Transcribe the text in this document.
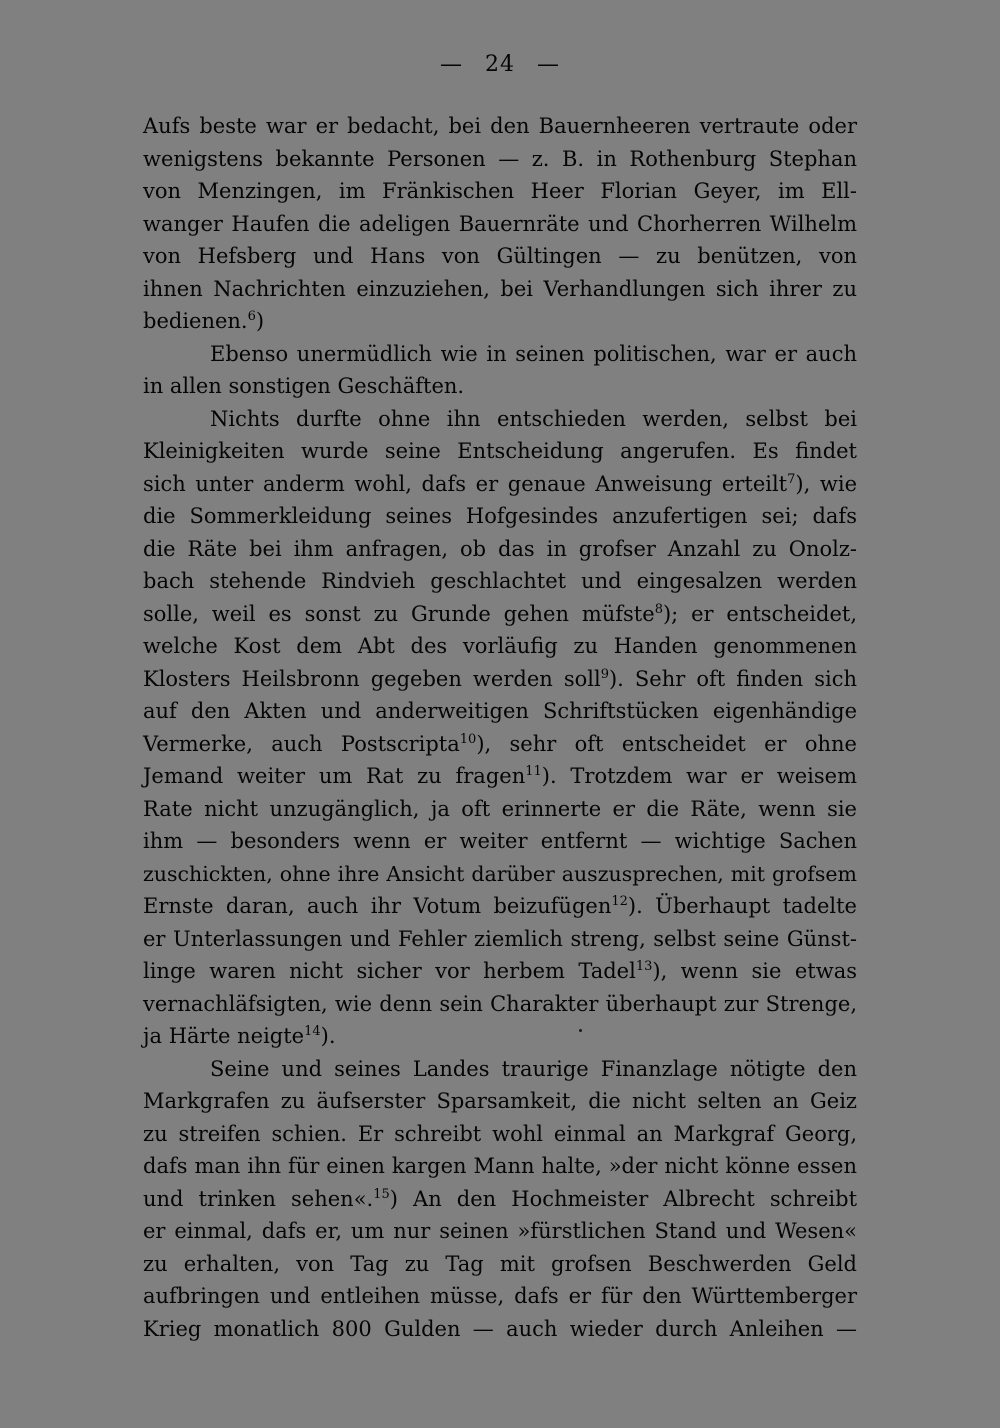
— 24 —
Aufs beste war er bedacht, bei den Bauernheeren vertraute oder
wenigstens bekannte Personen — z. B. in Rothenburg Stephan
von Menzingen, im Fränkischen Heer Florian Geyer, im Ell-
wanger Haufen die adeligen Bauernräte und Chorherren Wilhelm
von Hefsberg und Hans von Gültingen — zu benützen, von
ihnen Nachrichten einzuziehen, bei Verhandlungen sich ihrer zu
bedienen.$^6$)
Ebenso unermüdlich wie in seinen politischen, war er auch
in allen sonstigen Geschäften.
Nichts durfte ohne ihn entschieden werden, selbst bei
Kleinigkeiten wurde seine Entscheidung angerufen. Es findet
sich unter anderm wohl, dafs er genaue Anweisung erteilt$^7$), wie
die Sommerkleidung seines Hofgesindes anzufertigen sei; dafs
die Räte bei ihm anfragen, ob das in grofser Anzahl zu Onolz-
bach stehende Rindvieh geschlachtet und eingesalzen werden
solle, weil es sonst zu Grunde gehen müfste$^8$); er entscheidet,
welche Kost dem Abt des vorläufig zu Handen genommenen
Klosters Heilsbronn gegeben werden soll$^9$). Sehr oft finden sich
auf den Akten und anderweitigen Schriftstücken eigenhändige
Vermerke, auch Postscripta$^{10}$), sehr oft entscheidet er ohne
Jemand weiter um Rat zu fragen$^{11}$). Trotzdem war er weisem
Rate nicht unzugänglich, ja oft erinnerte er die Räte, wenn sie
ihm — besonders wenn er weiter entfernt — wichtige Sachen
zuschickten, ohne ihre Ansicht darüber auszusprechen, mit grofsem
Ernste daran, auch ihr Votum beizufügen$^{12}$). Überhaupt tadelte
er Unterlassungen und Fehler ziemlich streng, selbst seine Günst-
linge waren nicht sicher vor herbem Tadel$^{13}$), wenn sie etwas
vernachläfsigten, wie denn sein Charakter überhaupt zur Strenge,
ja Härte neigte$^{14}$).
Seine und seines Landes traurige Finanzlage nötigte den
Markgrafen zu äufserster Sparsamkeit, die nicht selten an Geiz
zu streifen schien. Er schreibt wohl einmal an Markgraf Georg,
dafs man ihn für einen kargen Mann halte, »der nicht könne essen
und trinken sehen«.$^{15}$) An den Hochmeister Albrecht schreibt
er einmal, dafs er, um nur seinen »fürstlichen Stand und Wesen«
zu erhalten, von Tag zu Tag mit grofsen Beschwerden Geld
aufbringen und entleihen müsse, dafs er für den Württemberger
Krieg monatlich 800 Gulden — auch wieder durch Anleihen —
